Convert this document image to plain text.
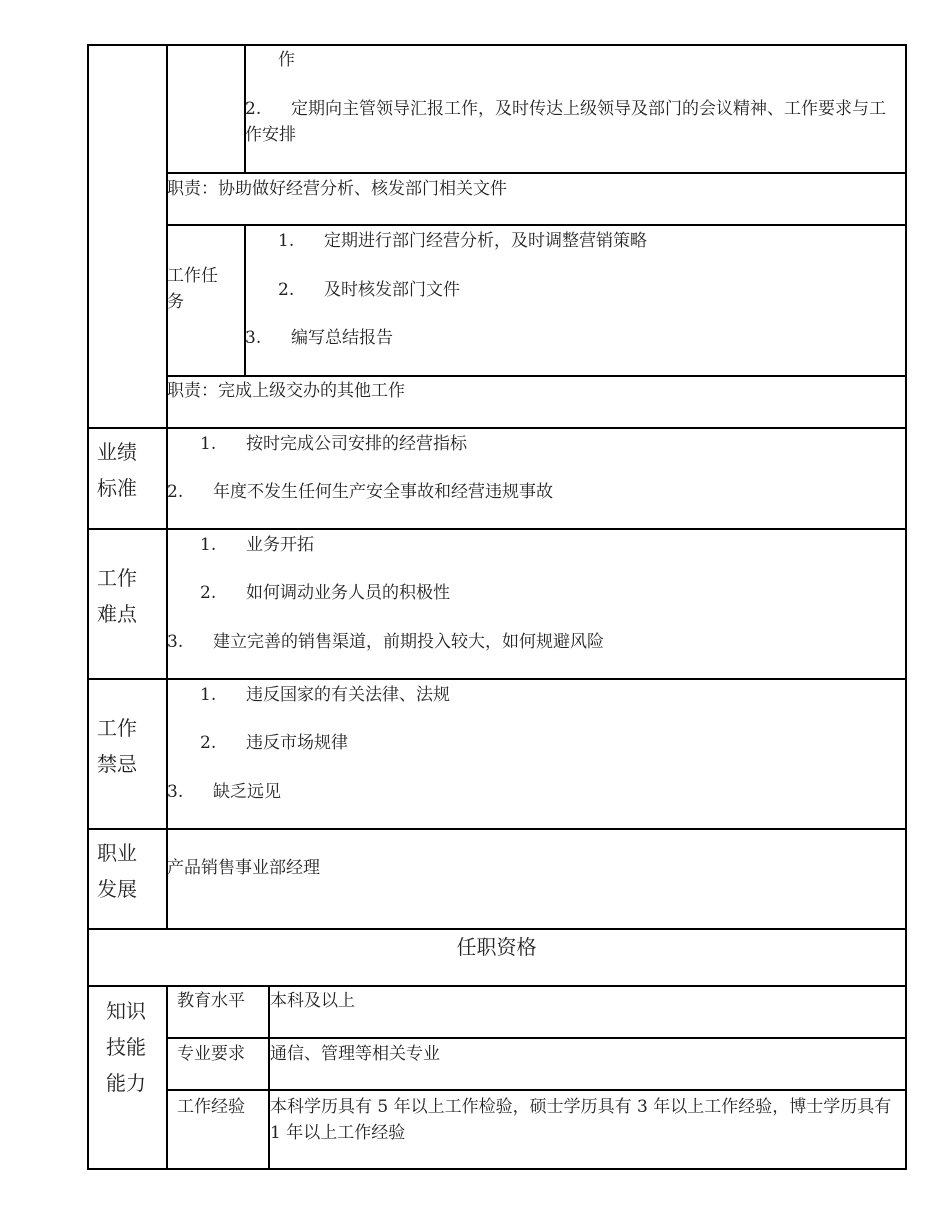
作
2.	定期向主管领导汇报工作，及时传达上级领导及部门的会议精神、工作要求与工作安排
职责：协助做好经营分析、核发部门相关文件
工作任务
1. 定期进行部门经营分析，及时调整营销策略
2. 及时核发部门文件
3. 编写总结报告
职责：完成上级交办的其他工作
业绩
标准
1. 按时完成公司安排的经营指标
2. 年度不发生任何生产安全事故和经营违规事故
工作
难点
1. 业务开拓
2. 如何调动业务人员的积极性
3. 建立完善的销售渠道，前期投入较大，如何规避风险
工作
禁忌
1. 违反国家的有关法律、法规
2. 违反市场规律
3. 缺乏远见
职业
发展
产品销售事业部经理
任职资格
知识
技能
能力
教育水平 本科及以上
专业要求 通信、管理等相关专业
工作经验 本科学历具有 5 年以上工作检验，硕士学历具有 3 年以上工作经验，博士学历具有 1 年以上工作经验
